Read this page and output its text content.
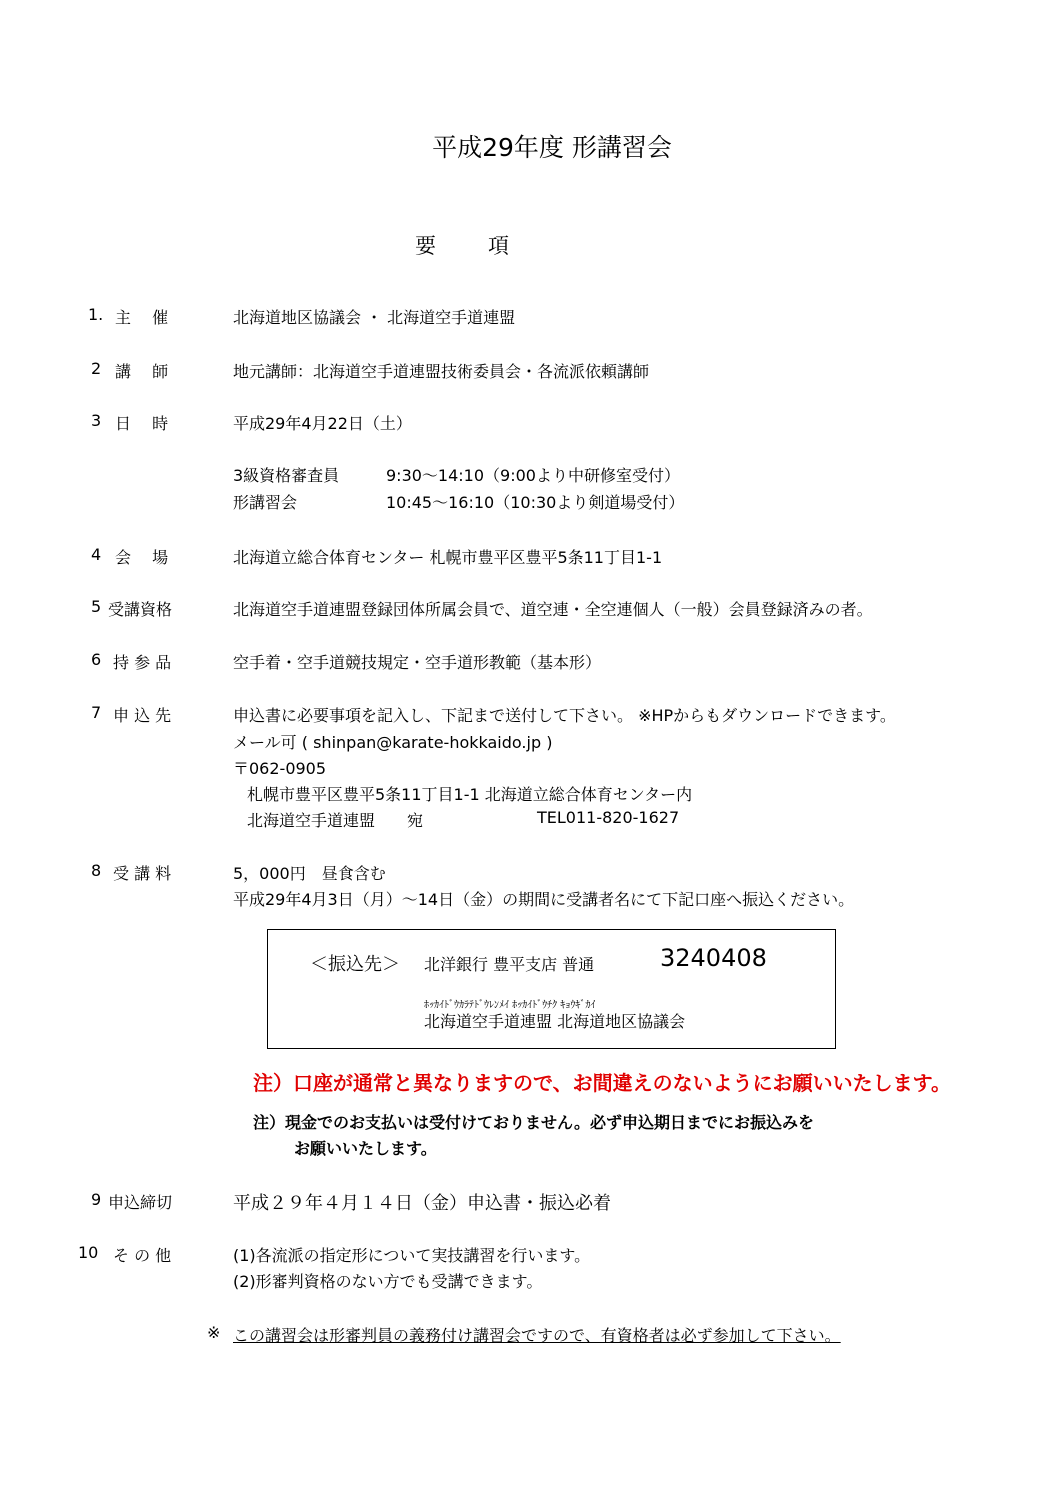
平成29年度 形講習会
要項
1. 主　 催	北海道地区協議会 ・ 北海道空手道連盟
2 講　 師	地元講師：北海道空手道連盟技術委員会・各流派依頼講師
3 日　 時	平成29年4月22日（土）
3級資格審査員	9:30～14:10（9:00より中研修室受付）
形講習会	10:45～16:10（10:30より剣道場受付）
4 会　 場	北海道立総合体育センター 札幌市豊平区豊平5条11丁目1-1
5 受講資格	北海道空手道連盟登録団体所属会員で、道空連・全空連個人（一般）会員登録済みの者。
6 持 参 品	空手着・空手道競技規定・空手道形教範（基本形）
7 申 込 先	申込書に必要事項を記入し、下記まで送付して下さい。 ※HPからもダウンロードできます。
メール可 ( shinpan@karate-hokkaido.jp )
〒062-0905
札幌市豊平区豊平5条11丁目1-1 北海道立総合体育センター内
北海道空手道連盟　　宛	TEL011-820-1627
8 受 講 料	5，000円　昼食含む
平成29年4月3日（月）～14日（金）の期間に受講者名にて下記口座へ振込ください。
＜振込先＞ 北洋銀行 豊平支店 普通	3240408
ﾎｯｶｲﾄﾞｳｶﾗﾃﾄﾞｳﾚﾝﾒｲ ﾎｯｶｲﾄﾞｳﾁｸ ｷｮｳｷﾞｶｲ
北海道空手道連盟 北海道地区協議会
注）口座が通常と異なりますので、お間違えのないようにお願いいたします。
注）現金でのお支払いは受付けておりません。必ず申込期日までにお振込みを
お願いいたします。
9 申込締切	平成２９年４月１４日（金）申込書・振込必着
10 そ の 他	(1)各流派の指定形について実技講習を行います。
(2)形審判資格のない方でも受講できます。
※ この講習会は形審判員の義務付け講習会ですので、有資格者は必ず参加して下さい。
